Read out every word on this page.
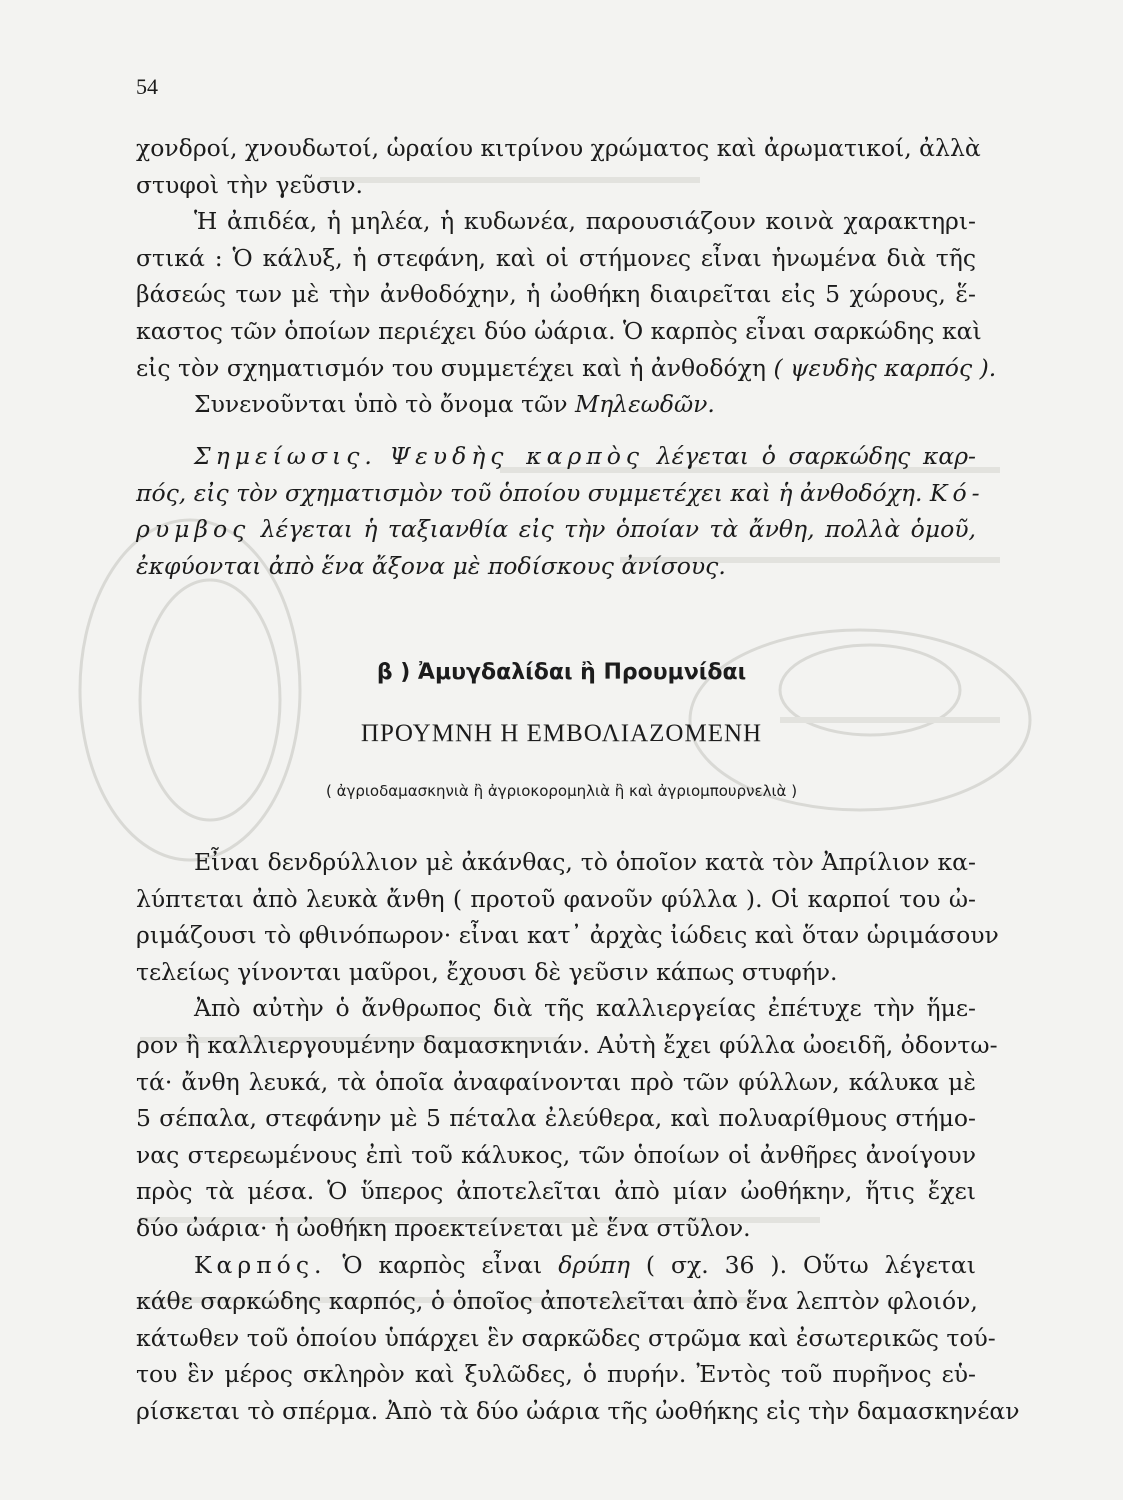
54
χονδροί, χνουδωτοί, ὡραίου κιτρίνου χρώματος καὶ ἀρωματικοί, ἀλλὰ
στυφοὶ τὴν γεῦσιν.
Ἡ ἀπιδέα, ἡ μηλέα, ἡ κυδωνέα, παρουσιάζουν κοινὰ χαρακτηρι-
στικά : Ὁ κάλυξ, ἡ στεφάνη, καὶ οἱ στήμονες εἶναι ἡνωμένα διὰ τῆς
βάσεώς των μὲ τὴν ἀνθοδόχην, ἡ ὠοθήκη διαιρεῖται εἰς 5 χώρους, ἕ-
καστος τῶν ὁποίων περιέχει δύο ὠάρια. Ὁ καρπὸς εἶναι σαρκώδης καὶ
εἰς τὸν σχηματισμόν του συμμετέχει καὶ ἡ ἀνθοδόχη ( ψευδὴς καρπός ).
Συνενοῦνται ὑπὸ τὸ ὄνομα τῶν Μηλεωδῶν.
Σημείωσις. Ψευδὴς καρπὸς λέγεται ὁ σαρκώδης καρ-
πός, εἰς τὸν σχηματισμὸν τοῦ ὁποίου συμμετέχει καὶ ἡ ἀνθοδόχη. Κό-
ρυμβος λέγεται ἡ ταξιανθία εἰς τὴν ὁποίαν τὰ ἄνθη, πολλὰ ὁμοῦ,
ἐκφύονται ἀπὸ ἕνα ἄξονα μὲ ποδίσκους ἀνίσους.
β ) Ἀμυγδαλίδαι ἢ Προυμνίδαι
ΠΡΟΥΜΝΗ Η ΕΜΒΟΛΙΑΖΟΜΕΝΗ
( ἀγριοδαμασκηνιὰ ἢ ἀγριοκορομηλιὰ ἢ καὶ ἀγριομπουρνελιὰ )
Εἶναι δενδρύλλιον μὲ ἀκάνθας, τὸ ὁποῖον κατὰ τὸν Ἀπρίλιον κα-
λύπτεται ἀπὸ λευκὰ ἄνθη ( προτοῦ φανοῦν φύλλα ). Οἱ καρποί του ὠ-
ριμάζουσι τὸ φθινόπωρον· εἶναι κατ᾽ ἀρχὰς ἰώδεις καὶ ὅταν ὡριμάσουν
τελείως γίνονται μαῦροι, ἔχουσι δὲ γεῦσιν κάπως στυφήν.
Ἀπὸ αὐτὴν ὁ ἄνθρωπος διὰ τῆς καλλιεργείας ἐπέτυχε τὴν ἥμε-
ρον ἢ καλλιεργουμένην δαμασκηνιάν. Αὐτὴ ἔχει φύλλα ὠοειδῆ, ὀδοντω-
τά· ἄνθη λευκά, τὰ ὁποῖα ἀναφαίνονται πρὸ τῶν φύλλων, κάλυκα μὲ
5 σέπαλα, στεφάνην μὲ 5 πέταλα ἐλεύθερα, καὶ πολυαρίθμους στήμο-
νας στερεωμένους ἐπὶ τοῦ κάλυκος, τῶν ὁποίων οἱ ἀνθῆρες ἀνοίγουν
πρὸς τὰ μέσα. Ὁ ὕπερος ἀποτελεῖται ἀπὸ μίαν ὠοθήκην, ἥτις ἔχει
δύο ὠάρια· ἡ ὠοθήκη προεκτείνεται μὲ ἕνα στῦλον.
Καρπός. Ὁ καρπὸς εἶναι δρύπη ( σχ. 36 ). Οὕτω λέγεται
κάθε σαρκώδης καρπός, ὁ ὁποῖος ἀποτελεῖται ἀπὸ ἕνα λεπτὸν φλοιόν,
κάτωθεν τοῦ ὁποίου ὑπάρχει ἓν σαρκῶδες στρῶμα καὶ ἐσωτερικῶς τού-
του ἓν μέρος σκληρὸν καὶ ξυλῶδες, ὁ πυρήν. Ἐντὸς τοῦ πυρῆνος εὑ-
ρίσκεται τὸ σπέρμα. Ἀπὸ τὰ δύο ὠάρια τῆς ὠοθήκης εἰς τὴν δαμασκηνέαν
